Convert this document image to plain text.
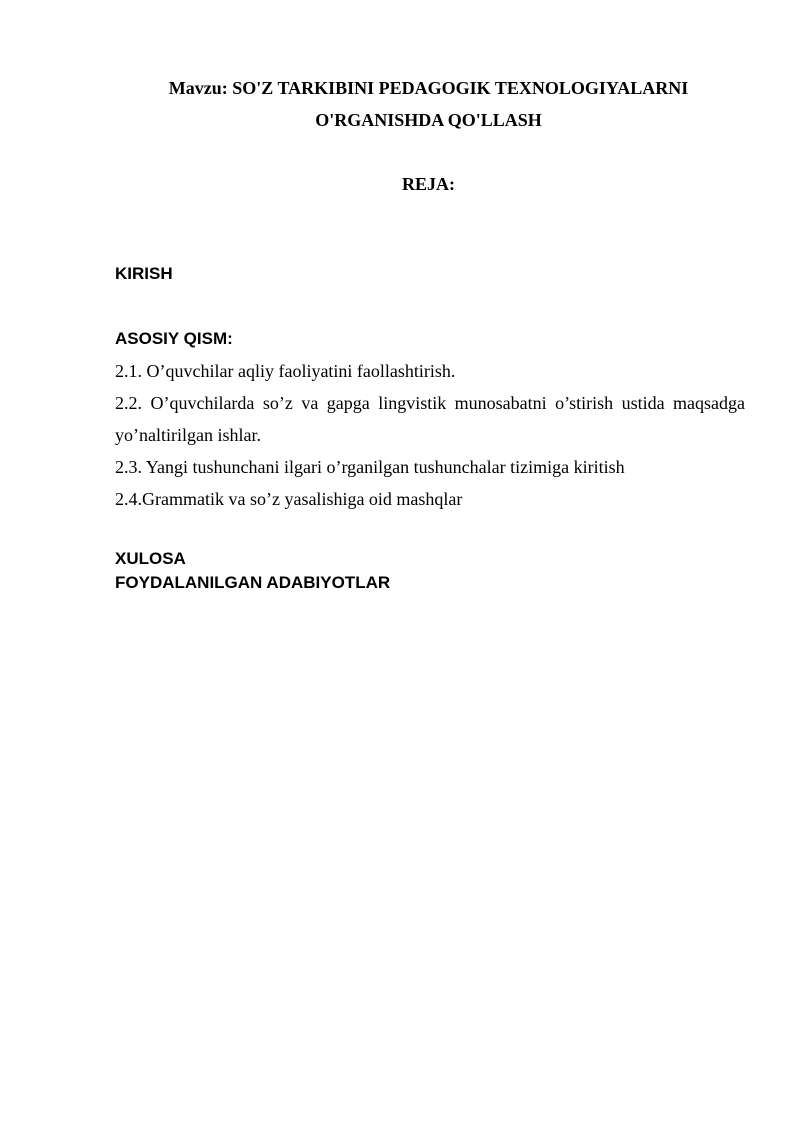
Mavzu: SO'Z TARKIBINI PEDAGOGIK TEXNOLOGIYALARNI
O'RGANISHDA QO'LLASH

REJA:

KIRISH

ASOSIY QISM:

2.1. O’quvchilar aqliy faoliyatini faollashtirish.

2.2. O’quvchilarda so’z va gapga lingvistik munosabatni o’stirish ustida maqsadga yo’naltirilgan ishlar.

2.3. Yangi tushunchani ilgari o’rganilgan tushunchalar tizimiga kiritish

2.4.Grammatik va so’z yasalishiga oid mashqlar

XULOSA

FOYDALANILGAN ADABIYOTLAR
